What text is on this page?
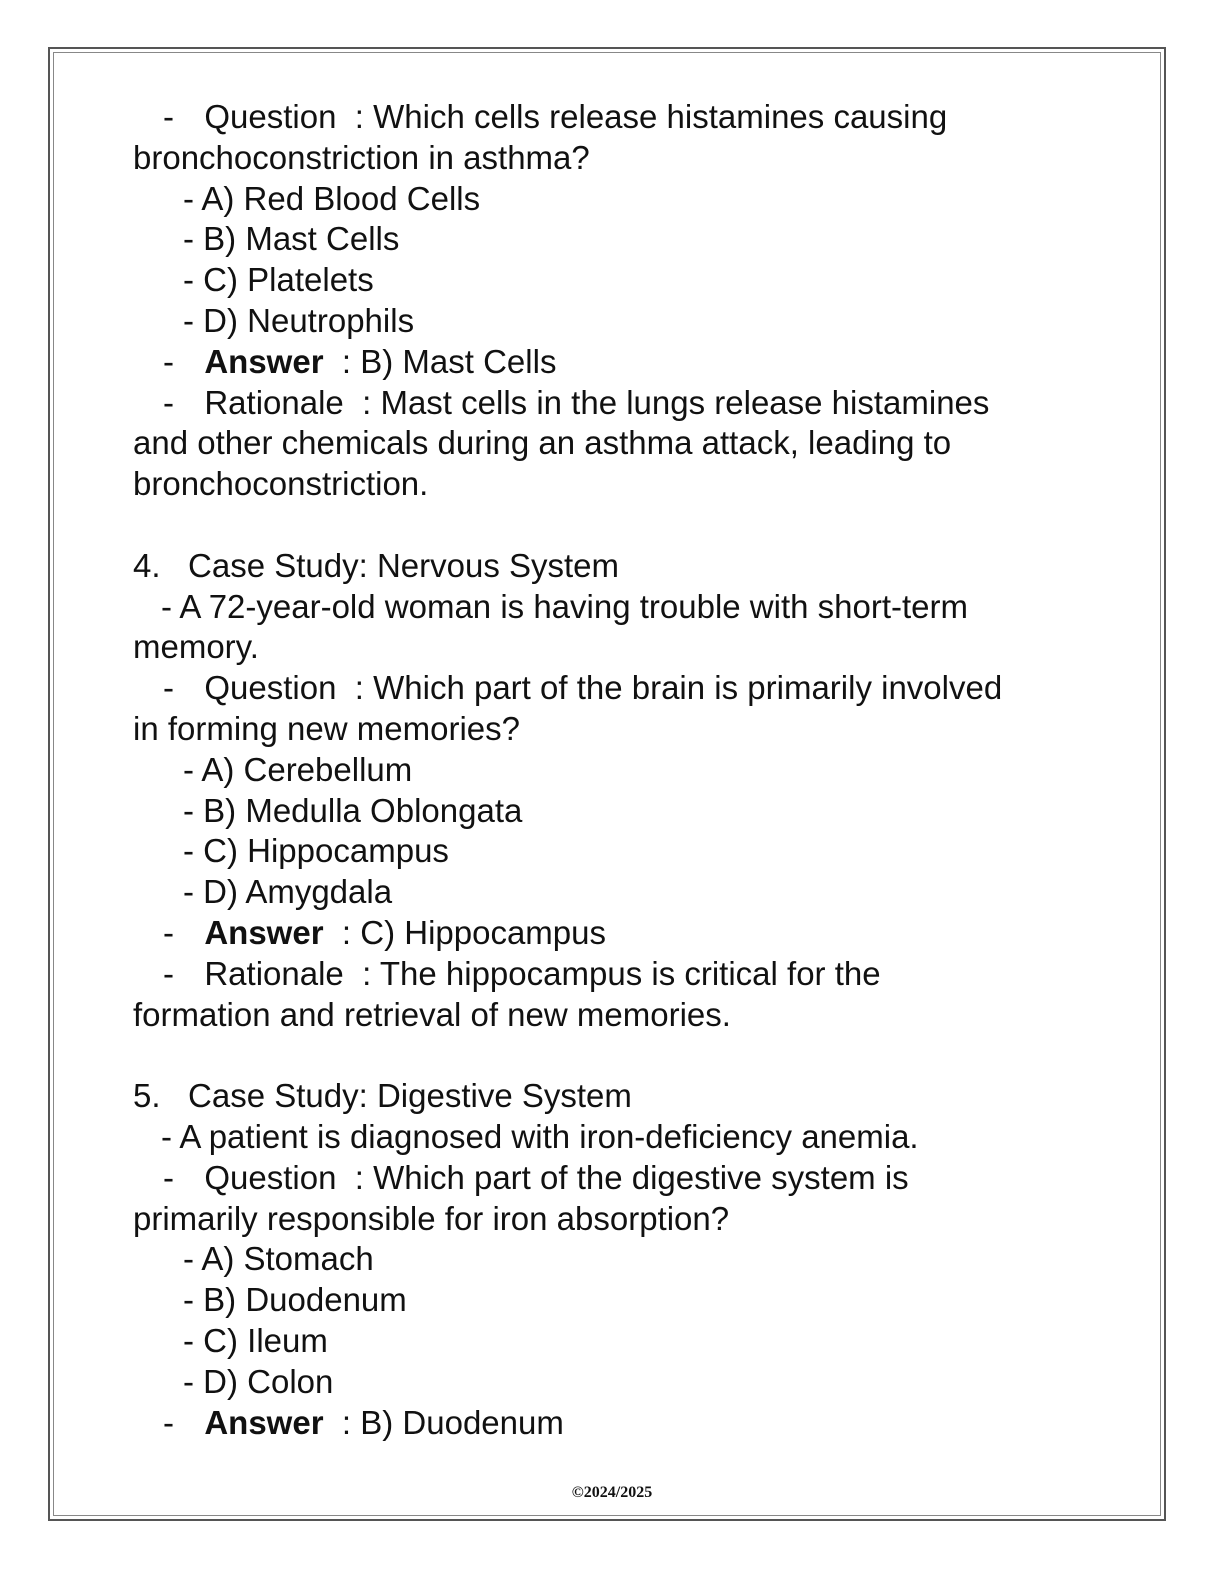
- Question : Which cells release histamines causing
bronchoconstriction in asthma?
- A) Red Blood Cells
- B) Mast Cells
- C) Platelets
- D) Neutrophils
- Answer : B) Mast Cells
- Rationale : Mast cells in the lungs release histamines
and other chemicals during an asthma attack, leading to
bronchoconstriction.
4.   Case Study: Nervous System
- A 72-year-old woman is having trouble with short-term
memory.
- Question : Which part of the brain is primarily involved
in forming new memories?
- A) Cerebellum
- B) Medulla Oblongata
- C) Hippocampus
- D) Amygdala
- Answer : C) Hippocampus
- Rationale : The hippocampus is critical for the
formation and retrieval of new memories.
5.   Case Study: Digestive System
- A patient is diagnosed with iron-deficiency anemia.
- Question : Which part of the digestive system is
primarily responsible for iron absorption?
- A) Stomach
- B) Duodenum
- C) Ileum
- D) Colon
- Answer : B) Duodenum
©2024/2025
